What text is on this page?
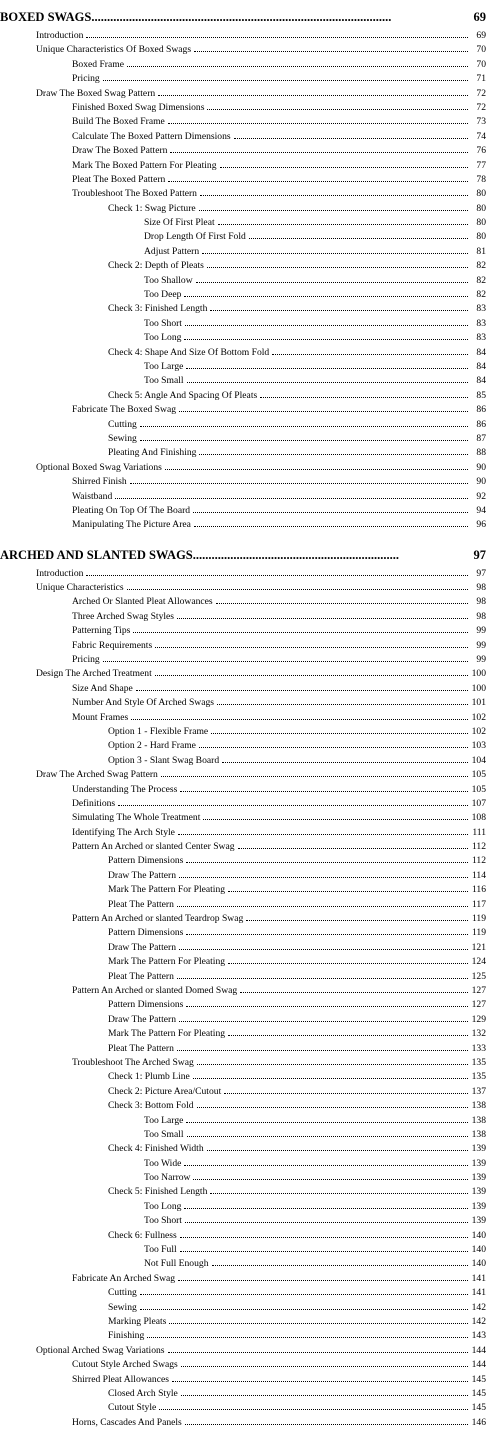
BOXED SWAGS ................................................................................................	69
Introduction	69
Unique Characteristics Of Boxed Swags	70
Boxed Frame	70
Pricing	71
Draw The Boxed Swag Pattern	72
Finished Boxed Swag Dimensions	72
Build The Boxed Frame	73
Calculate The Boxed Pattern Dimensions	74
Draw The Boxed Pattern	76
Mark The Boxed Pattern For Pleating	77
Pleat The Boxed Pattern	78
Troubleshoot The Boxed Pattern	80
Check 1: Swag Picture	80
Size Of First Pleat	80
Drop Length Of First Fold	80
Adjust Pattern	81
Check 2: Depth of Pleats	82
Too Shallow	82
Too Deep	82
Check 3: Finished Length	83
Too Short	83
Too Long	83
Check 4: Shape And Size Of Bottom Fold	84
Too Large	84
Too Small	84
Check 5: Angle And Spacing Of Pleats	85
Fabricate The Boxed Swag	86
Cutting	86
Sewing	87
Pleating And Finishing	88
Optional Boxed Swag Variations	90
Shirred Finish	90
Waistband	92
Pleating On Top Of The Board	94
Manipulating The Picture Area	96
ARCHED AND SLANTED SWAGS ..................................................................	97
Introduction	97
Unique Characteristics	98
Arched Or Slanted Pleat Allowances	98
Three Arched Swag Styles	98
Patterning Tips	99
Fabric Requirements	99
Pricing	99
Design The Arched Treatment	100
Size And Shape	100
Number And Style Of Arched Swags	101
Mount Frames	102
Option 1 - Flexible Frame	102
Option 2 - Hard Frame	103
Option 3 - Slant Swag Board	104
Draw The Arched Swag Pattern	105
Understanding The Process	105
Definitions	107
Simulating The Whole Treatment	108
Identifying The Arch Style	111
Pattern An Arched or slanted Center Swag	112
Pattern Dimensions	112
Draw The Pattern	114
Mark The Pattern For Pleating	116
Pleat The Pattern	117
Pattern An Arched or slanted Teardrop Swag	119
Pattern Dimensions	119
Draw The Pattern	121
Mark The Pattern For Pleating	124
Pleat The Pattern	125
Pattern An Arched or slanted Domed Swag	127
Pattern Dimensions	127
Draw The Pattern	129
Mark The Pattern For Pleating	132
Pleat The Pattern	133
Troubleshoot The Arched Swag	135
Check 1: Plumb Line	135
Check 2: Picture Area/Cutout	137
Check 3: Bottom Fold	138
Too Large	138
Too Small	138
Check 4: Finished Width	139
Too Wide	139
Too Narrow	139
Check 5: Finished Length	139
Too Long	139
Too Short	139
Check 6: Fullness	140
Too Full	140
Not Full Enough	140
Fabricate An Arched Swag	141
Cutting	141
Sewing	142
Marking Pleats	142
Finishing	143
Optional Arched Swag Variations	144
Cutout Style Arched Swags	144
Shirred Pleat Allowances	145
Closed Arch Style	145
Cutout Style	145
Horns, Cascades And Panels	146
